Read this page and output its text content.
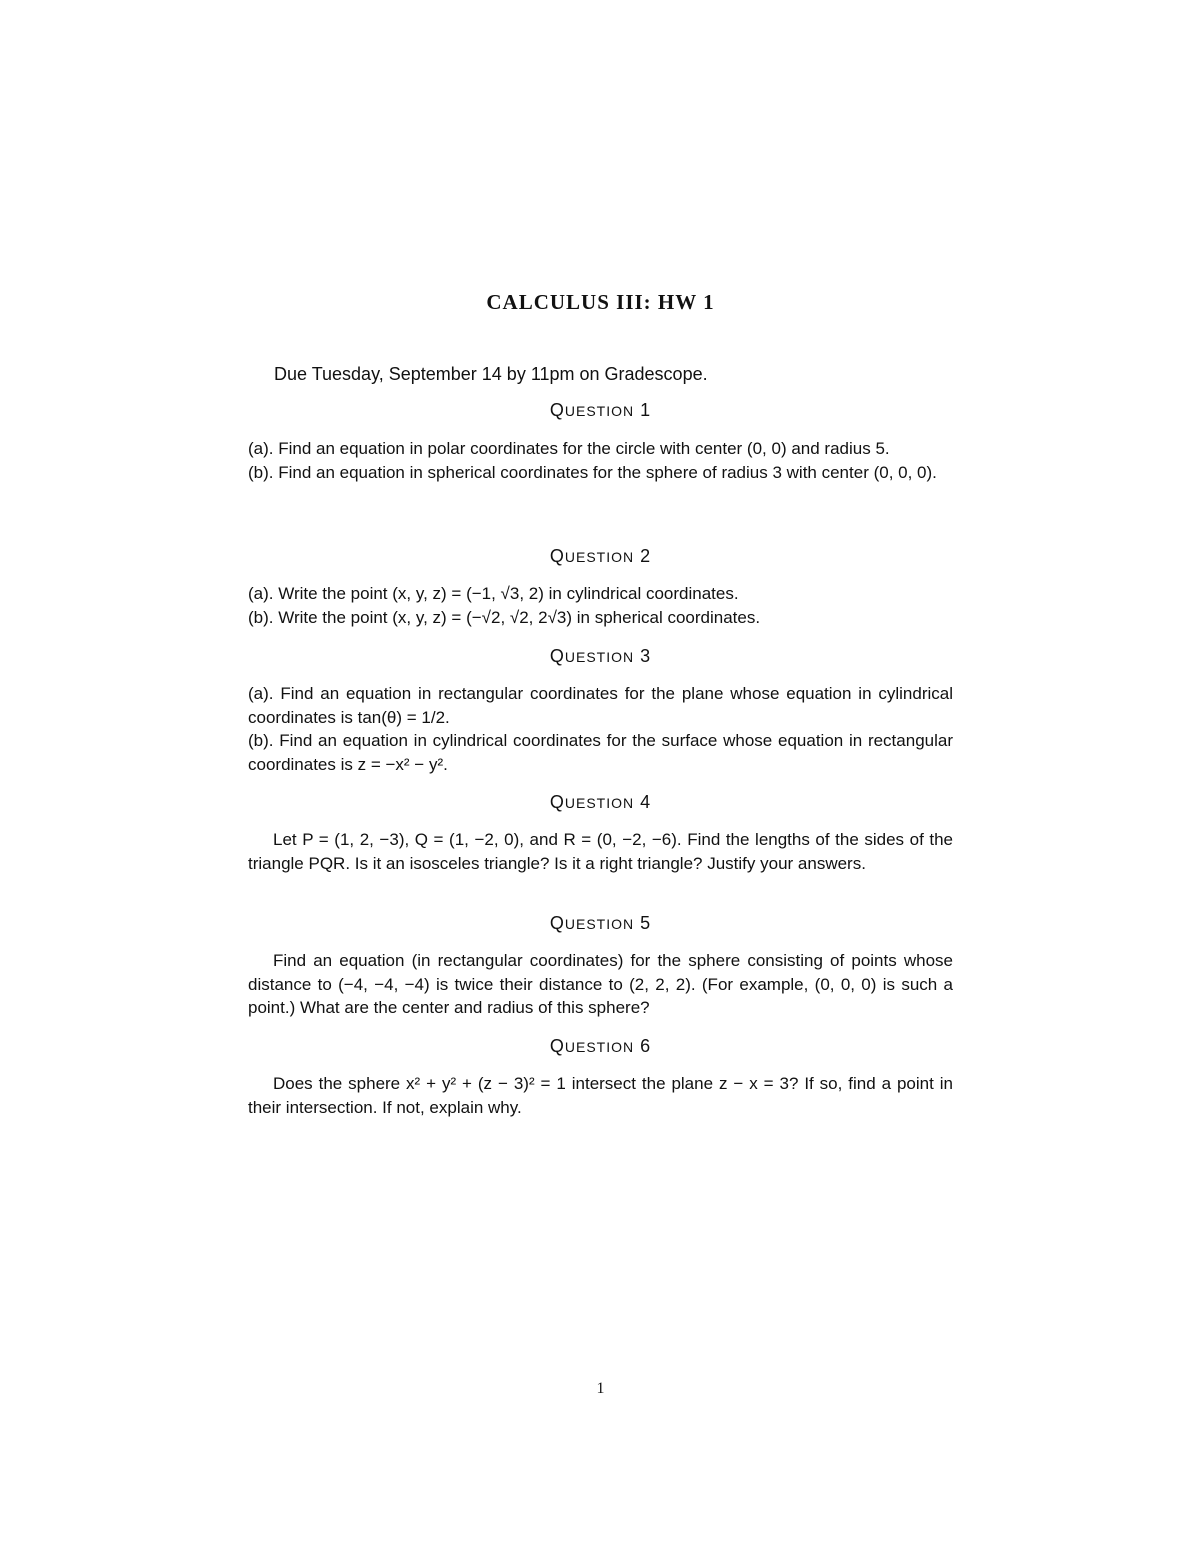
CALCULUS III: HW 1
Due Tuesday, September 14 by 11pm on Gradescope.
QUESTION 1
(a). Find an equation in polar coordinates for the circle with center (0, 0) and radius 5.
(b). Find an equation in spherical coordinates for the sphere of radius 3 with center (0, 0, 0).
QUESTION 2
(a). Write the point (x, y, z) = (−1, √3, 2) in cylindrical coordinates.
(b). Write the point (x, y, z) = (−√2, √2, 2√3) in spherical coordinates.
QUESTION 3
(a). Find an equation in rectangular coordinates for the plane whose equation in cylindrical coordinates is tan(θ) = 1/2.
(b). Find an equation in cylindrical coordinates for the surface whose equation in rectangular coordinates is z = −x² − y².
QUESTION 4
Let P = (1, 2, −3), Q = (1, −2, 0), and R = (0, −2, −6). Find the lengths of the sides of the triangle PQR. Is it an isosceles triangle? Is it a right triangle? Justify your answers.
QUESTION 5
Find an equation (in rectangular coordinates) for the sphere consisting of points whose distance to (−4, −4, −4) is twice their distance to (2, 2, 2). (For example, (0, 0, 0) is such a point.) What are the center and radius of this sphere?
QUESTION 6
Does the sphere x² + y² + (z − 3)² = 1 intersect the plane z − x = 3? If so, find a point in their intersection. If not, explain why.
1
